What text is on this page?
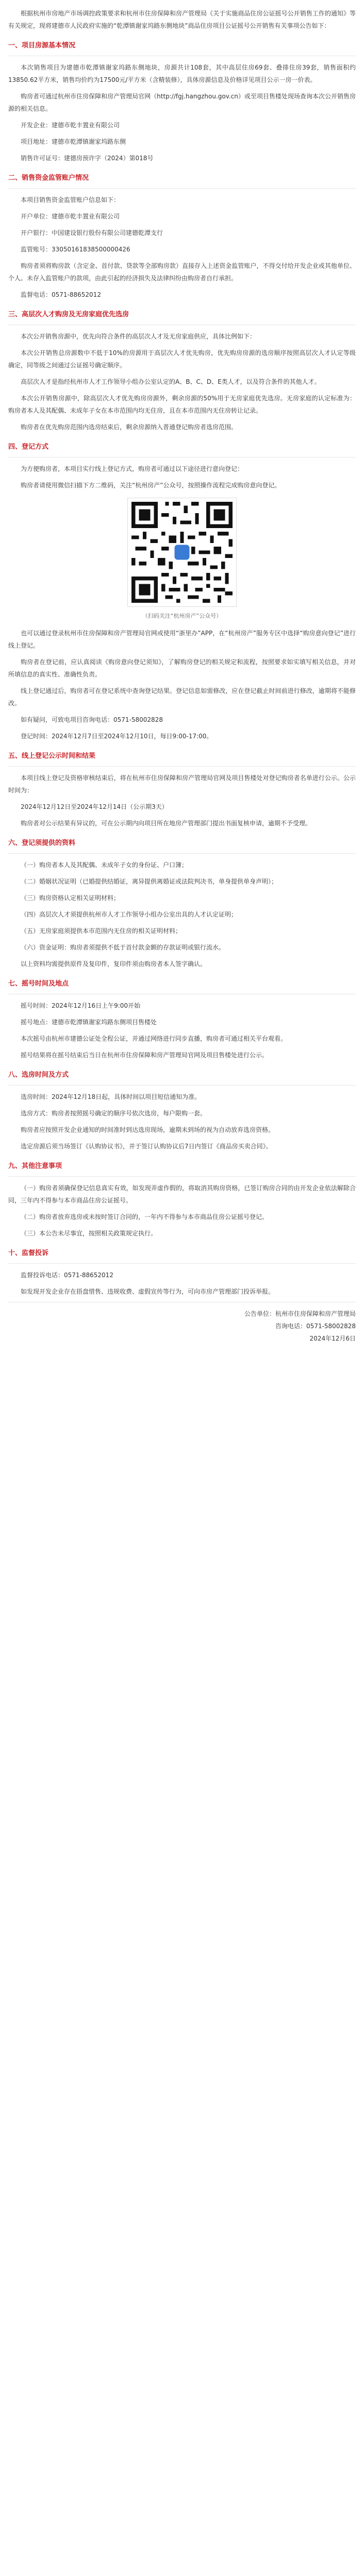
根据杭州市房地产市场调控政策要求和杭州市住房保障和房产管理局《关于实施商品住房公证摇号公开销售工作的通知》等有关规定，现将建德市人民政府实施的“乾潭镇谢家坞路东侧地块”商品住房项目公证摇号公开销售有关事项公告如下：

一、项目房源基本情况

本次销售项目为建德市乾潭镇谢家坞路东侧地块，房源共计108套，其中高层住房69套、叠排住房39套，销售面积约13850.62平方米，销售均价约为17500元/平方米（含精装修），具体房源信息及价格详见项目公示一房一价表。

购房者可通过杭州市住房保障和房产管理局官网（http://fgj.hangzhou.gov.cn）或至项目售楼处现场查询本次公开销售房源的相关信息。

开发企业：建德市乾丰置业有限公司

项目地址：建德市乾潭镇谢家坞路东侧

销售许可证号：建德房预许字（2024）第018号

二、销售资金监管账户情况

本项目销售资金监管账户信息如下：

开户单位：建德市乾丰置业有限公司

开户银行：中国建设银行股份有限公司建德乾潭支行

监管账号：33050161838500000426

购房者须将购房款（含定金、首付款、贷款等全部购房款）直接存入上述资金监管账户，不得交付给开发企业或其他单位、个人。未存入监管账户的款项，由此引起的经济损失及法律纠纷由购房者自行承担。

监督电话：0571-88652012

三、高层次人才购房及无房家庭优先选房

本次公开销售房源中，优先向符合条件的高层次人才及无房家庭供应，具体比例如下：

本次公开销售总房源数中不低于10%的房源用于高层次人才优先购房，优先购房房源的选房顺序按照高层次人才认定等级确定，同等级之间通过公证摇号确定顺序。

高层次人才是指经杭州市人才工作领导小组办公室认定的A、B、C、D、E类人才，以及符合条件的其他人才。

本次公开销售房源中，除高层次人才优先购房房源外，剩余房源的50%用于无房家庭优先选房。无房家庭的认定标准为：购房者本人及其配偶、未成年子女在本市范围内均无住房，且在本市范围内无住房转让记录。

购房者在优先购房范围内选房结束后，剩余房源纳入普通登记购房者选房范围。

四、登记方式

为方便购房者，本项目实行线上登记方式，购房者可通过以下途径进行意向登记：

购房者请使用微信扫描下方二维码，关注“杭州房产”公众号，按照操作流程完成购房意向登记。

（扫码关注“杭州房产”公众号）

也可以通过登录杭州市住房保障和房产管理局官网或使用“浙里办”APP，在“杭州房产”服务专区中选择“购房意向登记”进行线上登记。

购房者在登记前，应认真阅读《购房意向登记须知》，了解购房登记的相关规定和流程，按照要求如实填写相关信息，并对所填信息的真实性、准确性负责。

线上登记通过后，购房者可在登记系统中查询登记结果。登记信息如需修改，应在登记截止时间前进行修改，逾期将不能修改。

如有疑问，可致电项目咨询电话：0571-58002828

登记时间：2024年12月7日至2024年12月10日，每日9:00-17:00。

五、线上登记公示时间和结果

本项目线上登记及资格审核结束后，将在杭州市住房保障和房产管理局官网及项目售楼处对登记购房者名单进行公示。公示时间为：

2024年12月12日至2024年12月14日（公示期3天）

购房者对公示结果有异议的，可在公示期内向项目所在地房产管理部门提出书面复核申请，逾期不予受理。

六、登记须提供的资料

（一）购房者本人及其配偶、未成年子女的身份证、户口簿；

（二）婚姻状况证明（已婚提供结婚证，离异提供离婚证或法院判决书，单身提供单身声明）；

（三）购房资格认定相关证明材料；

（四）高层次人才须提供杭州市人才工作领导小组办公室出具的人才认定证明；

（五）无房家庭须提供本市范围内无住房的相关证明材料；

（六）资金证明：购房者须提供不低于首付款金额的存款证明或银行流水。

以上资料均需提供原件及复印件，复印件须由购房者本人签字确认。

七、摇号时间及地点

摇号时间：2024年12月16日上午9:00开始

摇号地点：建德市乾潭镇谢家坞路东侧项目售楼处

本次摇号由杭州市建德公证处全程公证，并通过网络进行同步直播，购房者可通过相关平台观看。

摇号结果将在摇号结束后当日在杭州市住房保障和房产管理局官网及项目售楼处进行公示。

八、选房时间及方式

选房时间：2024年12月18日起，具体时间以项目短信通知为准。

选房方式：购房者按照摇号确定的顺序号依次选房，每户限购一套。

购房者应按照开发企业通知的时间准时到达选房现场，逾期未到场的视为自动放弃选房资格。

选定房源后须当场签订《认购协议书》，并于签订认购协议后7日内签订《商品房买卖合同》。

九、其他注意事项

（一）购房者须确保登记信息真实有效，如发现弄虚作假的，将取消其购房资格，已签订购房合同的由开发企业依法解除合同，三年内不得参与本市商品住房公证摇号。

（二）购房者放弃选房或未按时签订合同的，一年内不得参与本市商品住房公证摇号登记。

（三）本公告未尽事宜，按照相关政策规定执行。

十、监督投诉

监督投诉电话：0571-88652012

如发现开发企业存在捂盘惜售、违规收费、虚假宣传等行为，可向市房产管理部门投诉举报。

公告单位：杭州市住房保障和房产管理局

咨询电话：0571-58002828

2024年12月6日
